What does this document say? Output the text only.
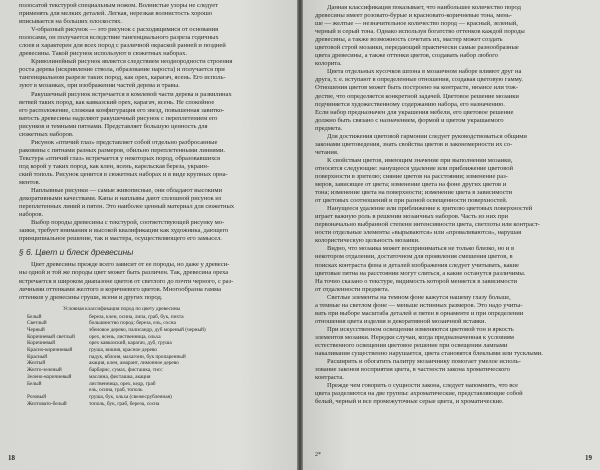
полосатой текстурой специальным ножом. Волнистые узоры не следует
применять для мелких деталей. Легкая, нерезкая волнистость хорошо
вписывается на больших плоскостях.
V-образный рисунок — это рисунок с расходящимися от основания
полосами, он получается вследствие тангенциального разреза годичных
слоев и характерен для всех пород с различной окраской ранней и поздней
древесины. Такой рисунок используют в сюжетных наборах.
Криволинейный рисунок является следствием неоднородности строения
роста дерева (искривление ствола, образование нароста) и получается при
тангенциальном разрезе таких пород, как орех, карагач, ясень. Его исполь-
зуют в мозаиках, при изображении частей дерева и травы.
Ракушечный рисунок встречается в комлевой части дерева и развилинах
ветвей таких пород, как кавказский орех, карагач, ясень. Не спокойное
его расположение, сложная конфигурация его звезд, повышенная завитко-
ватость древесины наделяют ракушечный рисунок с переплетением его
рисунков и темными пятнами. Представляет большую ценность для
сюжетных наборов.
Рисунок «птичий глаз» представляет собой отдельно разбросанные
раковины с пятнами разных размеров, обильно переплетенными линиями.
Текстура «птичий глаз» встречается у некоторых пород, образовавшихся
под корой у таких пород, как клен, ясень, карельская береза, украин-
ский тополь. Рисунок ценится в сюжетных наборах и в виде крупных орна-
ментов.
Наплывные рисунки — самые живописные, они обладают высокими
декоративными качествами. Капы и наплывы дают сплошной рисунок из
переплетенных линий и пятен. Это наиболее ценный материал для сюжетных
наборов.
Выбор породы древесины с текстурой, соответствующей рисунку мо-
заики, требует внимания и высокой квалификации как художника, дающего
принципиальное решение, так и мастера, осуществляющего его замысел.
§ 6. Цвет и блеск древесины
Цвет древесины прежде всего зависит от ее породы, но даже у древеси-
ны одной и той же породы цвет может быть различен. Так, древесина ореха
встречается в широком диапазоне цветов от светлого до почти черного, с раз-
личными оттенками желтого и коричневого цветов. Многообразна гамма
оттенков у древесины груши, ясеня и других пород.
Условная классификация пород по цвету древесины
Белый	береза, клен, осина, липа, граб, бук, пихта
Светлый	большинство пород: береза, ель, сосна
Черный	эбеновое дерево, палисандр, дуб мореный (черный)
Коричневый светлый	орех, ясень, лиственница, ольха
Коричневый	орех кавказский, карагач, дуб, груша
Красно-коричневый	груша, вишня, красное дерево
Красный	падук, яблоня, махагони, бук пропаренный
Желтый	акация, клен, амарант, лимонное дерево
Желто-зеленый	барбарис, сумах, фисташка, тисс
Зелено-коричневый	маслина, фисташка, акация
Белый	лиственница, орех, кедр, граб
ель, осина, граб, тополь
Розовый	груша, бук, ольха (свежесрубленная)
Желтовато-белый	тополь, бук, граб, береза, сосна
18
Данная классификация показывает, что наибольшее количество пород
древесины имеет розовато-бурые и красновато-коричневые тона, мень-
ше — желтые — незначительное количество пород — красный, зеленый,
черный и серый тона. Однако используя богатство оттенков каждой породы
древесины, а также возможность сочетать их, мастер может создать
цветовой строй мозаики, передающий практически самые разнообразные
цвета древесины, а также оттенки цветов, создавать набор любого
колорита.
Цвета отдельных кусочков шпона в мозаичном наборе влияют друг на
друга, т. е. вступают в определенные отношения, создавая цветовую гамму.
Отношения цветов может быть построено на контрасте, нюансе или тож-
дестве, что определяется конкретной задачей. Цветовое решение мозаики
подчиняется художественному содержанию набора, его назначению.
Если набор предназначен для украшения мебели, его цветовое решение
должно быть связано с назначением, формой и цветом украшаемого
предмета.
Для достижения цветовой гармонии следует руководствоваться общими
законами цветоведения, знать свойства цветов и закономерности их со-
четания.
К свойствам цветов, имеющим значение при выполнении мозаики,
относятся следующие: нанущееся удаление или приближение цветовой
поверхности в зрителю; сияние цветов на расстоянии; изменение раз-
меров, зависящее от цвета; изменение цвета на фоне других цветов и
тона; изменение цвета на поверхности; изменение цвета в зависимости
от цветовых соотношений и при разной освещенности поверхностей.
Нанущееся удаление или приближение к зрителю цветовых поверхностей
играет важную роль в решении мозаичных наборов. Часть из них при
первоначально выбранной степени интенсивности цвета, светлоты или контраст-
ности отдельные элементы «вырываются» или «проваливаются», нарушая
колористическую цельность мозаики.
Видно, что мозаика может восприниматься не только близко, но и в
некотором отдалении, достаточном для проявления смешения цветов, в
поисках контраста фона и деталей изображения следует учитывать, какие
цветовые пятна на расстоянии могут слиться, а какие останутся различимы.
На точно сказано о текстуре, видимость которой меняется в зависимости
от отдаленности предмета.
Светлые элементы на темном фоне кажутся нашему глазу больше,
а темные на светлом фоне — меньше истинных размеров. Это надо учиты-
вать при выборе масштаба деталей и пятен в орнаменте и при определении
отношения цвета изделия и декоративной мозаичной вставки.
При искусственном освещении изменяются цветовой тон и яркость
элементов мозаики. Нередки случаи, когда предназначенная к условиям
естественного освещения цветовое решение при освещении лампами
накаливания существенно нарушается, цвета становятся блеклыми или тусклыми.
Расширить и обогатить палитру мозаичнику помогает умелое исполь-
зование законов восприятия цвета, в частности закона хроматического
контраста.
Прежде чем говорить о сущности закона, следует напомнить, что все
цвета разделяются на две группы: ахроматические, представляющие собой
белый, черный и все промежуточные серые цвета, и хроматические.
2*	19
